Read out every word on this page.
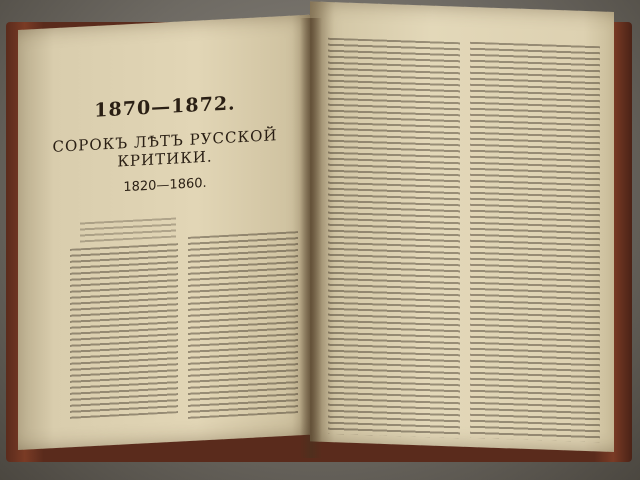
1870—1872.
СОРОКЪ ЛѢТЪ РУССКОЙ КРИТИКИ.
1820—1860.
